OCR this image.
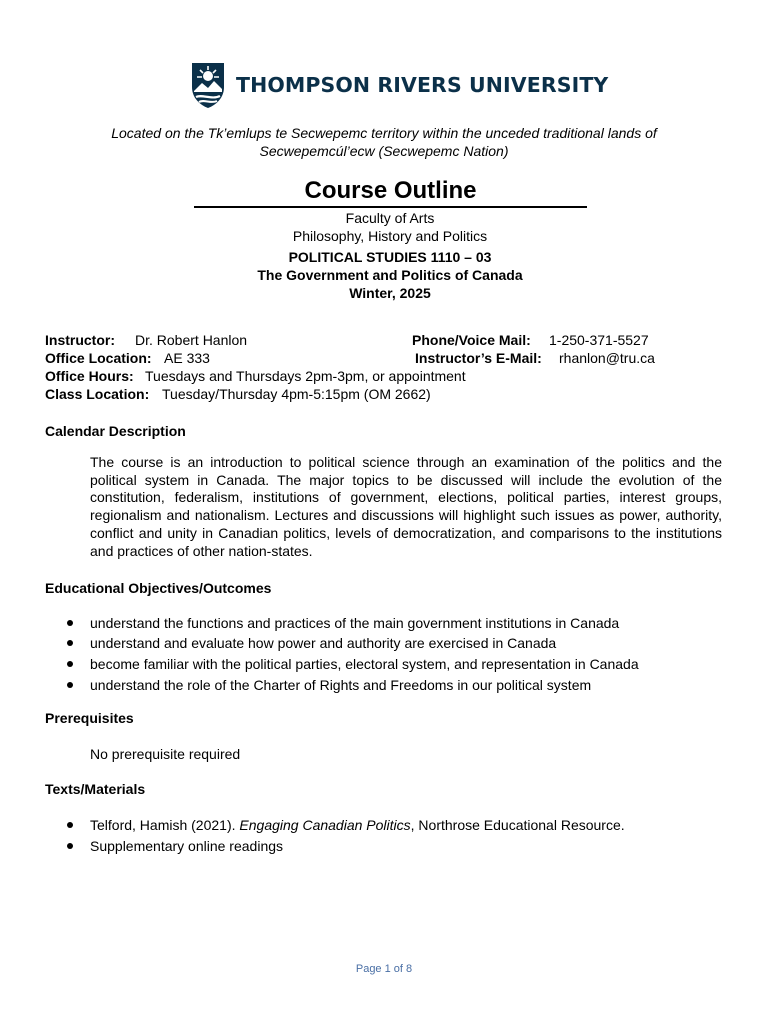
THOMPSON RIVERS UNIVERSITY
Located on the Tk’emlups te Secwepemc territory within the unceded traditional lands of
Secwepemcúl’ecw (Secwepemc Nation)
Course Outline
Faculty of Arts
Philosophy, History and Politics
POLITICAL STUDIES 1110 – 03
The Government and Politics of Canada
Winter, 2025
Instructor: Dr. Robert Hanlon	Phone/Voice Mail: 1-250-371-5527
Office Location: AE 333	Instructor’s E-Mail: rhanlon@tru.ca
Office Hours: Tuesdays and Thursdays 2pm-3pm, or appointment
Class Location: Tuesday/Thursday 4pm-5:15pm (OM 2662)
Calendar Description
The course is an introduction to political science through an examination of the politics and the political system in Canada. The major topics to be discussed will include the evolution of the constitution, federalism, institutions of government, elections, political parties, interest groups, regionalism and nationalism. Lectures and discussions will highlight such issues as power, authority, conflict and unity in Canadian politics, levels of democratization, and comparisons to the institutions and practices of other nation-states.
Educational Objectives/Outcomes
understand the functions and practices of the main government institutions in Canada
understand and evaluate how power and authority are exercised in Canada
become familiar with the political parties, electoral system, and representation in Canada
understand the role of the Charter of Rights and Freedoms in our political system
Prerequisites
No prerequisite required
Texts/Materials
Telford, Hamish (2021). Engaging Canadian Politics, Northrose Educational Resource.
Supplementary online readings
Page 1 of 8
